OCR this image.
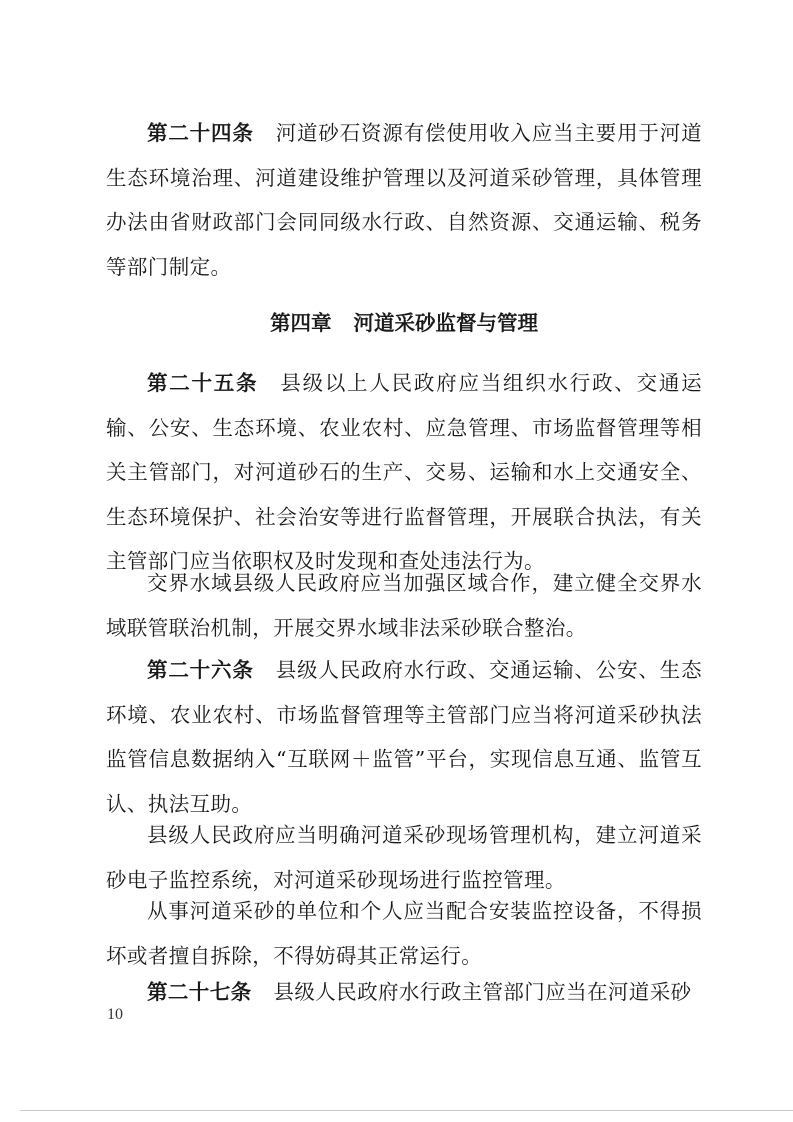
第二十四条 河道砂石资源有偿使用收入应当主要用于河道生态环境治理、河道建设维护管理以及河道采砂管理，具体管理办法由省财政部门会同同级水行政、自然资源、交通运输、税务等部门制定。

第四章 河道采砂监督与管理

第二十五条 县级以上人民政府应当组织水行政、交通运输、公安、生态环境、农业农村、应急管理、市场监督管理等相关主管部门，对河道砂石的生产、交易、运输和水上交通安全、生态环境保护、社会治安等进行监督管理，开展联合执法，有关主管部门应当依职权及时发现和查处违法行为。

交界水域县级人民政府应当加强区域合作，建立健全交界水域联管联治机制，开展交界水域非法采砂联合整治。

第二十六条 县级人民政府水行政、交通运输、公安、生态环境、农业农村、市场监督管理等主管部门应当将河道采砂执法监管信息数据纳入“互联网＋监管”平台，实现信息互通、监管互认、执法互助。

县级人民政府应当明确河道采砂现场管理机构，建立河道采砂电子监控系统，对河道采砂现场进行监控管理。

从事河道采砂的单位和个人应当配合安装监控设备，不得损坏或者擅自拆除，不得妨碍其正常运行。

第二十七条 县级人民政府水行政主管部门应当在河道采砂

10
